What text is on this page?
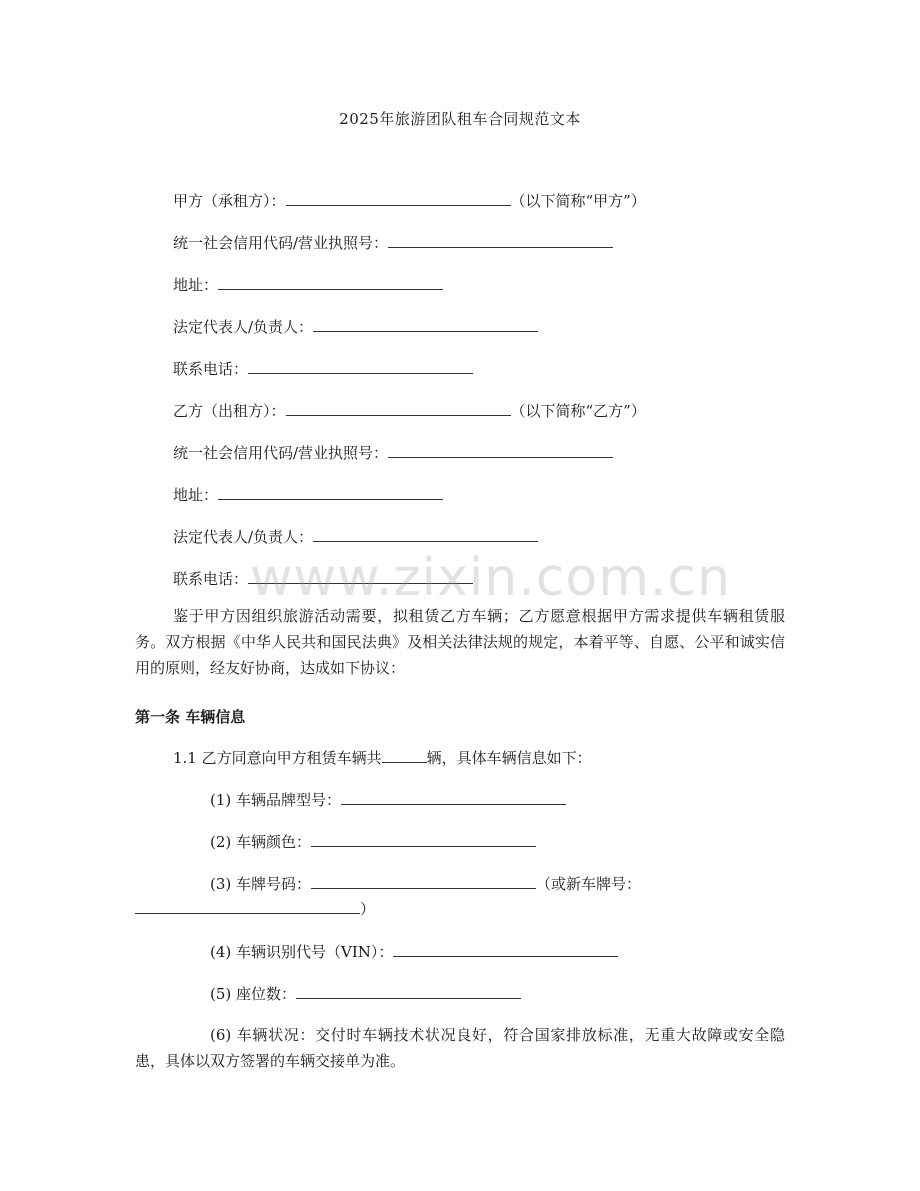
2025年旅游团队租车合同规范文本
甲方（承租方）：	（以下简称“甲方”）
统一社会信用代码/营业执照号：
地址：
法定代表人/负责人：
联系电话：
乙方（出租方）：	（以下简称“乙方”）
统一社会信用代码/营业执照号：
地址：
法定代表人/负责人：
联系电话：
鉴于甲方因组织旅游活动需要，拟租赁乙方车辆；乙方愿意根据甲方需求提供车辆租赁服务。双方根据《中华人民共和国民法典》及相关法律法规的规定，本着平等、自愿、公平和诚实信用的原则，经友好协商，达成如下协议：
第一条 车辆信息
1.1 乙方同意向甲方租赁车辆共	辆，具体车辆信息如下：
(1) 车辆品牌型号：
(2) 车辆颜色：
(3) 车牌号码：	（或新车牌号：
）
(4) 车辆识别代号（VIN）：
(5) 座位数：
(6) 车辆状况：交付时车辆技术状况良好，符合国家排放标准，无重大故障或安全隐患，具体以双方签署的车辆交接单为准。
www.zixin.com.cn
